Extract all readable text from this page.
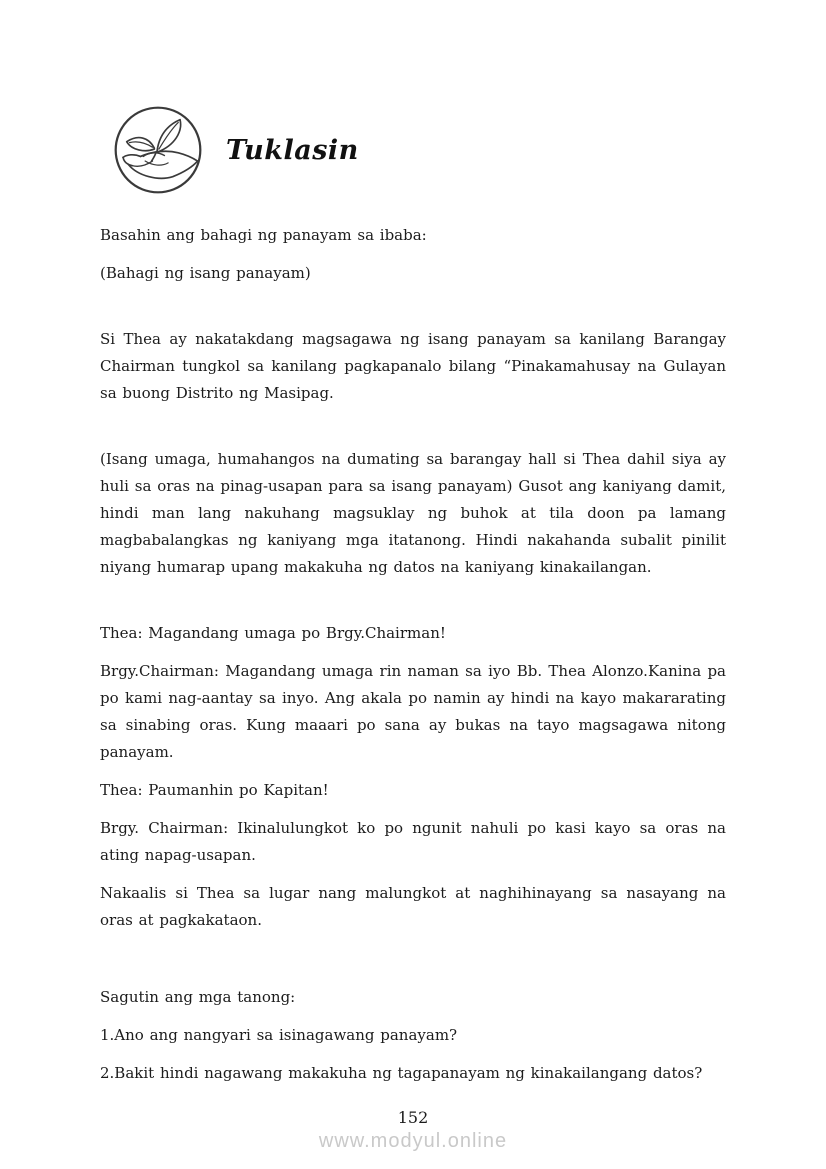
Tuklasin

Basahin ang bahagi ng panayam sa ibaba:

(Bahagi ng isang panayam)

Si Thea ay nakatakdang magsagawa ng isang panayam sa kanilang Barangay Chairman tungkol sa kanilang pagkapanalo bilang “Pinakamahusay na Gulayan sa buong Distrito ng Masipag.

(Isang umaga, humahangos na dumating sa barangay hall si Thea dahil siya ay huli sa oras na pinag-usapan para sa isang panayam) Gusot ang kaniyang damit, hindi man lang nakuhang magsuklay ng buhok at tila doon pa lamang magbabalangkas ng kaniyang mga itatanong. Hindi nakahanda subalit pinilit niyang humarap upang makakuha ng datos na kaniyang kinakailangan.

Thea: Magandang umaga po Brgy.Chairman!

Brgy.Chairman: Magandang umaga rin naman sa iyo Bb. Thea Alonzo.Kanina pa po kami nag-aantay sa inyo. Ang akala po namin ay hindi na kayo makararating sa sinabing oras. Kung maaari po sana ay bukas na tayo magsagawa nitong panayam.

Thea: Paumanhin po Kapitan!

Brgy. Chairman: Ikinalulungkot ko po ngunit nahuli po kasi kayo sa oras na ating napag-usapan.

Nakaalis si Thea sa lugar nang malungkot at naghihinayang sa nasayang na oras at pagkakataon.

Sagutin ang mga tanong:

1.Ano ang nangyari sa isinagawang panayam?

2.Bakit hindi nagawang makakuha ng tagapanayam ng kinakailangang datos?

152
www.modyul.online
